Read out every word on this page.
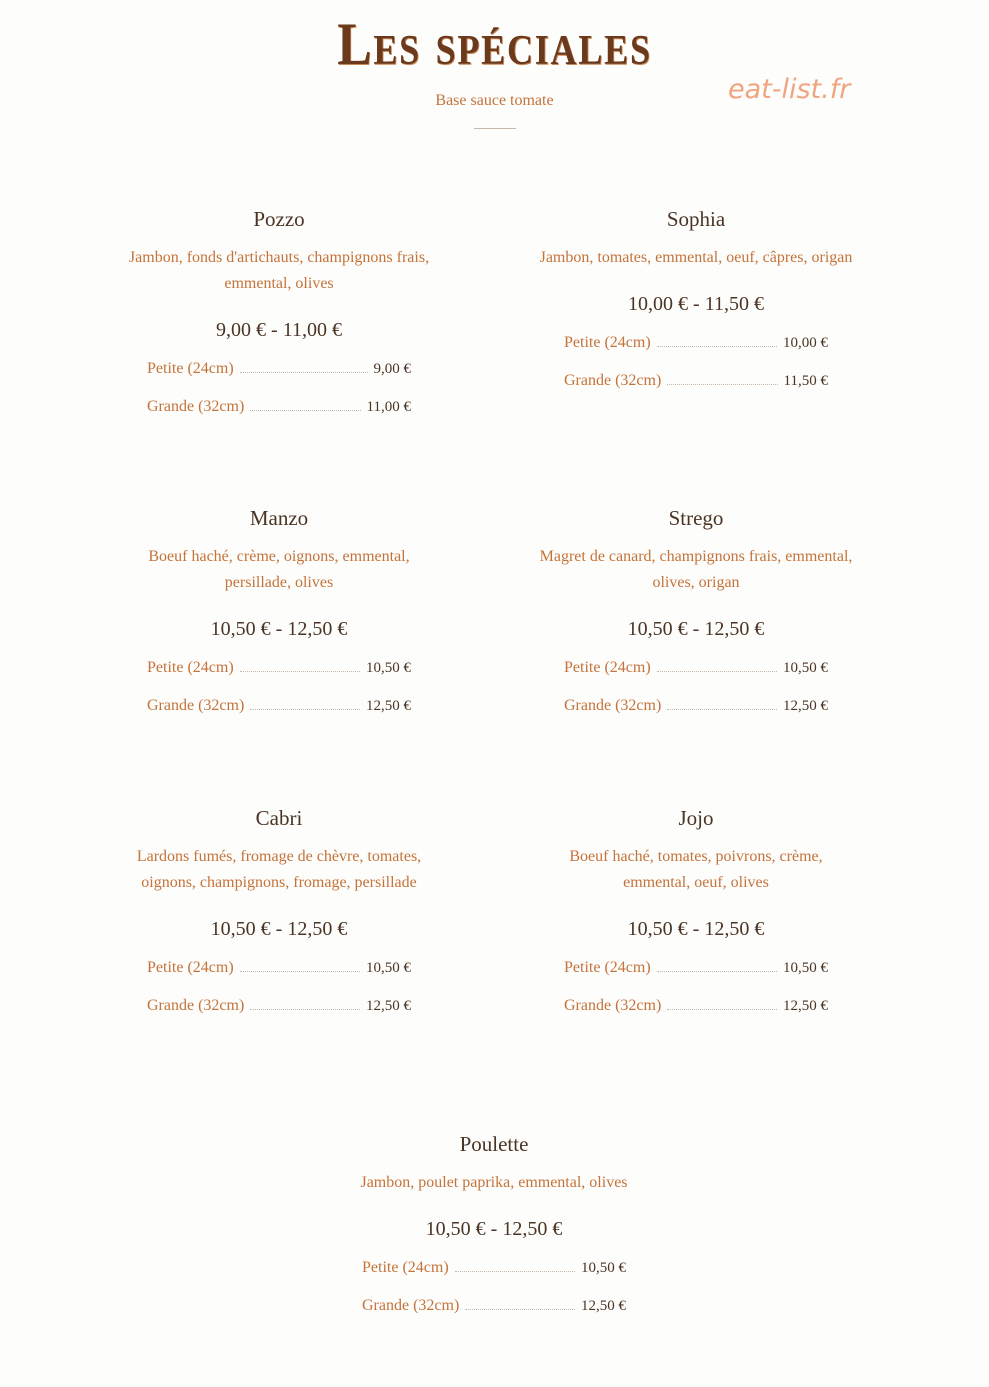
Les spéciales
eat-list.fr
Base sauce tomate
Pozzo
Jambon, fonds d'artichauts, champignons frais, emmental, olives
9,00 € - 11,00 €
Petite (24cm)	9,00 €
Grande (32cm)	11,00 €
Sophia
Jambon, tomates, emmental, oeuf, câpres, origan
10,00 € - 11,50 €
Petite (24cm)	10,00 €
Grande (32cm)	11,50 €
Manzo
Boeuf haché, crème, oignons, emmental, persillade, olives
10,50 € - 12,50 €
Petite (24cm)	10,50 €
Grande (32cm)	12,50 €
Strego
Magret de canard, champignons frais, emmental, olives, origan
10,50 € - 12,50 €
Petite (24cm)	10,50 €
Grande (32cm)	12,50 €
Cabri
Lardons fumés, fromage de chèvre, tomates, oignons, champignons, fromage, persillade
10,50 € - 12,50 €
Petite (24cm)	10,50 €
Grande (32cm)	12,50 €
Jojo
Boeuf haché, tomates, poivrons, crème, emmental, oeuf, olives
10,50 € - 12,50 €
Petite (24cm)	10,50 €
Grande (32cm)	12,50 €
Poulette
Jambon, poulet paprika, emmental, olives
10,50 € - 12,50 €
Petite (24cm)	10,50 €
Grande (32cm)	12,50 €
